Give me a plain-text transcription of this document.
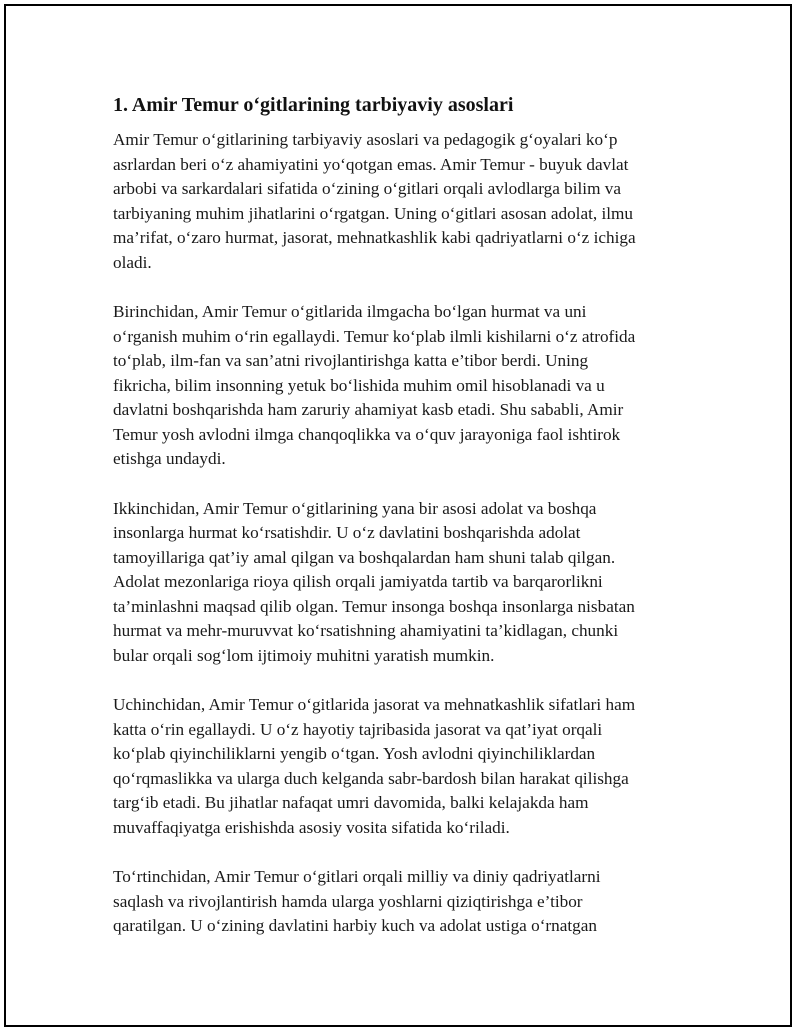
1. Amir Temur o‘gitlarining tarbiyaviy asoslari

Amir Temur o‘gitlarining tarbiyaviy asoslari va pedagogik g‘oyalari ko‘p
asrlardan beri o‘z ahamiyatini yo‘qotgan emas. Amir Temur - buyuk davlat
arbobi va sarkardalari sifatida o‘zining o‘gitlari orqali avlodlarga bilim va
tarbiyaning muhim jihatlarini o‘rgatgan. Uning o‘gitlari asosan adolat, ilmu
ma’rifat, o‘zaro hurmat, jasorat, mehnatkashlik kabi qadriyatlarni o‘z ichiga
oladi.

Birinchidan, Amir Temur o‘gitlarida ilmgacha bo‘lgan hurmat va uni
o‘rganish muhim o‘rin egallaydi. Temur ko‘plab ilmli kishilarni o‘z atrofida
to‘plab, ilm-fan va san’atni rivojlantirishga katta e’tibor berdi. Uning
fikricha, bilim insonning yetuk bo‘lishida muhim omil hisoblanadi va u
davlatni boshqarishda ham zaruriy ahamiyat kasb etadi. Shu sababli, Amir
Temur yosh avlodni ilmga chanqoqlikka va o‘quv jarayoniga faol ishtirok
etishga undaydi.

Ikkinchidan, Amir Temur o‘gitlarining yana bir asosi adolat va boshqa
insonlarga hurmat ko‘rsatishdir. U o‘z davlatini boshqarishda adolat
tamoyillariga qat’iy amal qilgan va boshqalardan ham shuni talab qilgan.
Adolat mezonlariga rioya qilish orqali jamiyatda tartib va barqarorlikni
ta’minlashni maqsad qilib olgan. Temur insonga boshqa insonlarga nisbatan
hurmat va mehr-muruvvat ko‘rsatishning ahamiyatini ta’kidlagan, chunki
bular orqali sog‘lom ijtimoiy muhitni yaratish mumkin.

Uchinchidan, Amir Temur o‘gitlarida jasorat va mehnatkashlik sifatlari ham
katta o‘rin egallaydi. U o‘z hayotiy tajribasida jasorat va qat’iyat orqali
ko‘plab qiyinchiliklarni yengib o‘tgan. Yosh avlodni qiyinchiliklardan
qo‘rqmaslikka va ularga duch kelganda sabr-bardosh bilan harakat qilishga
targ‘ib etadi. Bu jihatlar nafaqat umri davomida, balki kelajakda ham
muvaffaqiyatga erishishda asosiy vosita sifatida ko‘riladi.

To‘rtinchidan, Amir Temur o‘gitlari orqali milliy va diniy qadriyatlarni
saqlash va rivojlantirish hamda ularga yoshlarni qiziqtirishga e’tibor
qaratilgan. U o‘zining davlatini harbiy kuch va adolat ustiga o‘rnatgan
